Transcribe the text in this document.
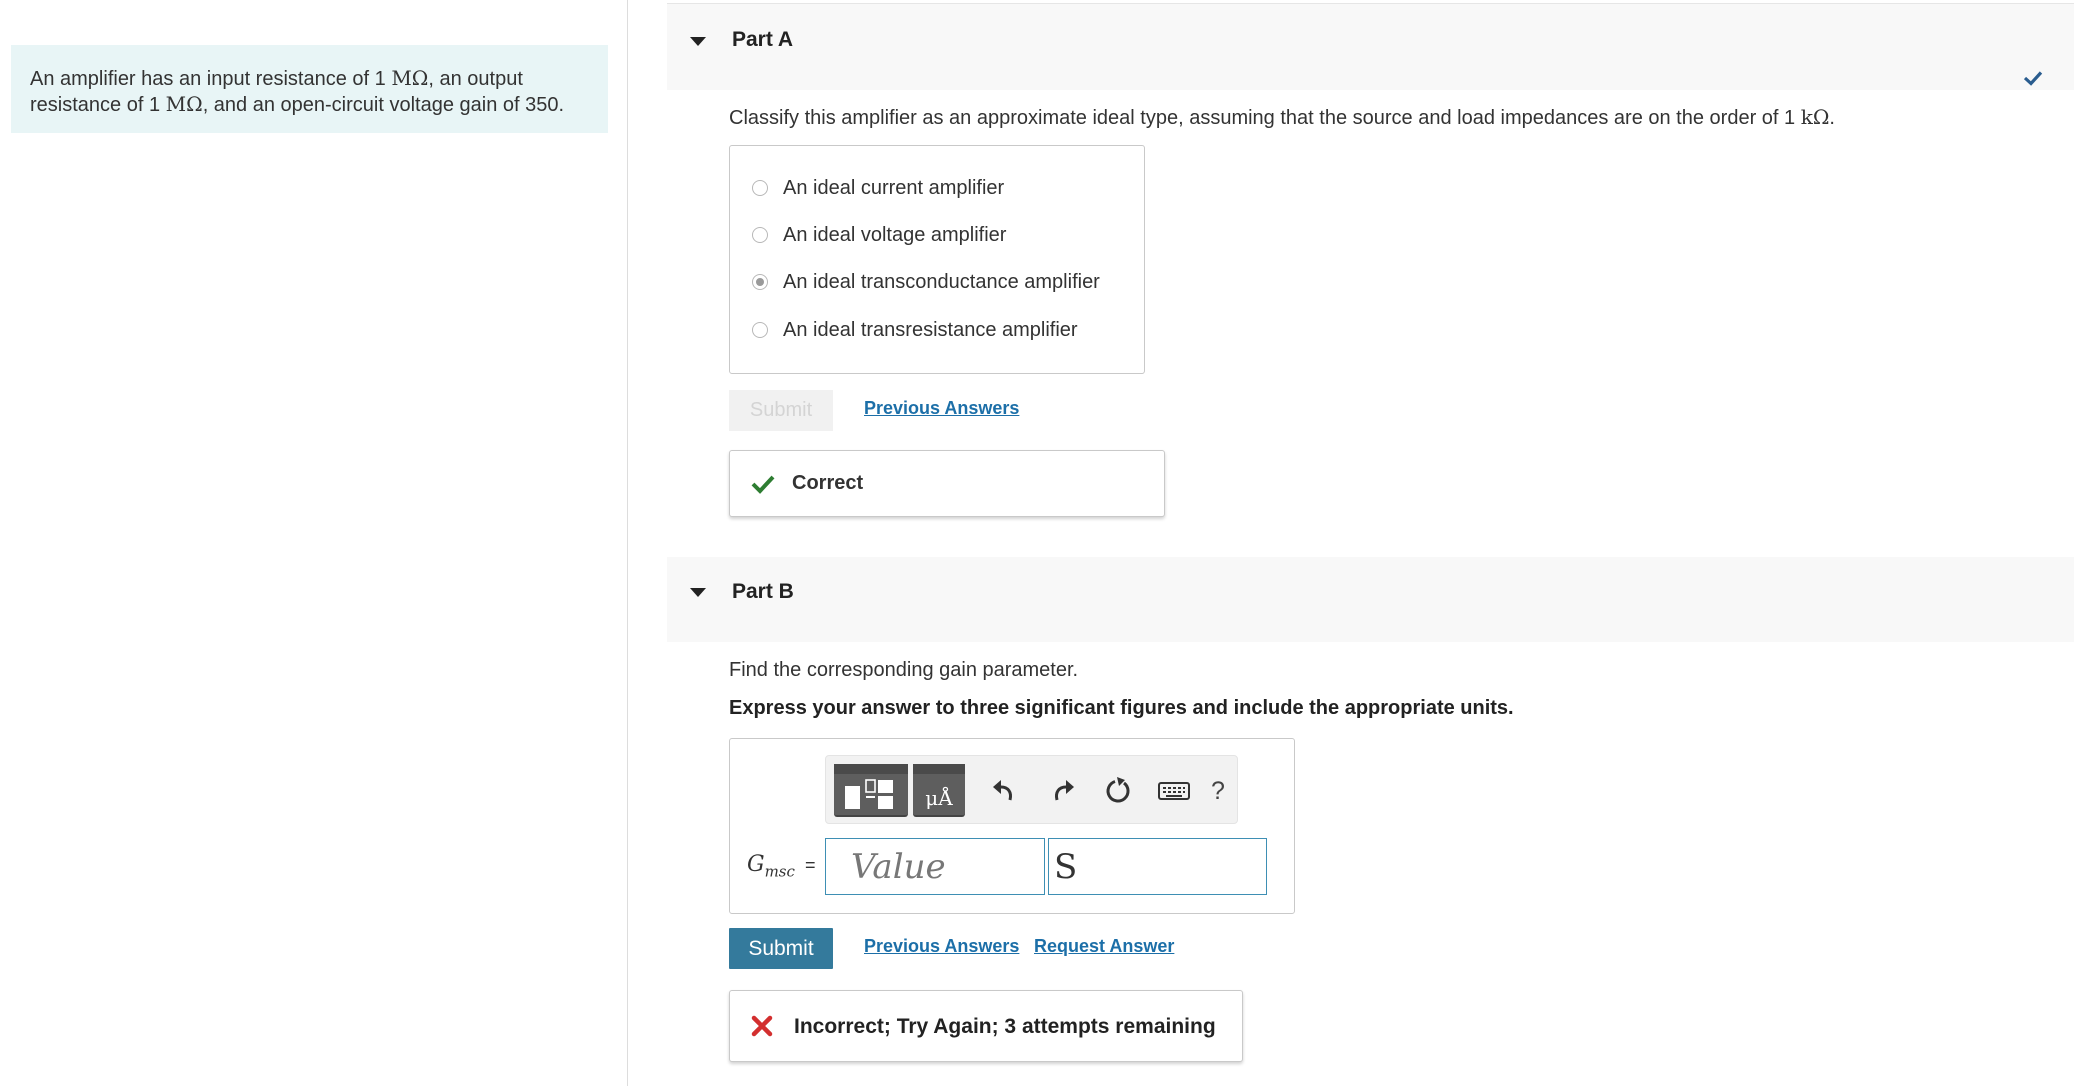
An amplifier has an input resistance of 1 MΩ, an output resistance of 1 MΩ, and an open-circuit voltage gain of 350.

Part A
Classify this amplifier as an approximate ideal type, assuming that the source and load impedances are on the order of 1 kΩ.
An ideal current amplifier
An ideal voltage amplifier
An ideal transconductance amplifier
An ideal transresistance amplifier
Submit	Previous Answers
Correct
Part B
Find the corresponding gain parameter.
Express your answer to three significant figures and include the appropriate units.
μÅ	?
$G_{msc}$ =
Value
S
Submit	Previous Answers Request Answer
Incorrect; Try Again; 3 attempts remaining
